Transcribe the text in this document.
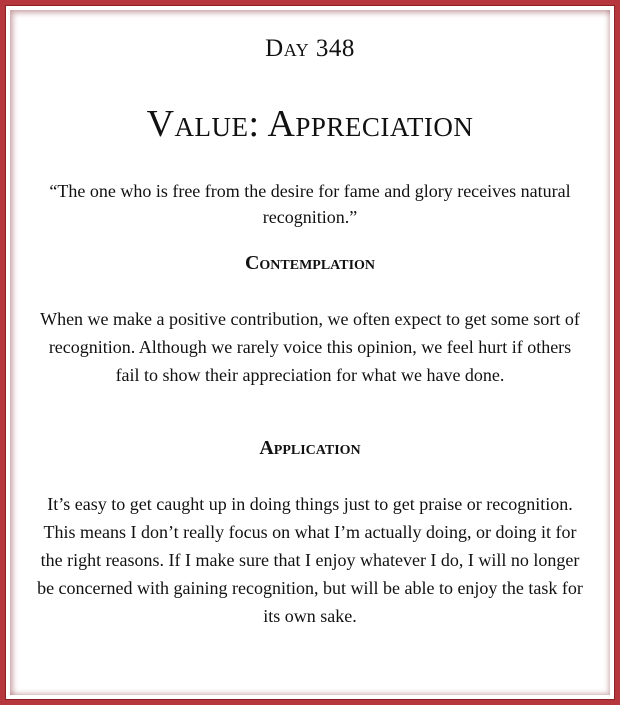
Day 348
Value: Appreciation
“The one who is free from the desire for fame and glory receives natural recognition.”
Contemplation
When we make a positive contribution, we often expect to get some sort of recognition. Although we rarely voice this opinion, we feel hurt if others fail to show their appreciation for what we have done.
Application
It’s easy to get caught up in doing things just to get praise or recognition. This means I don’t really focus on what I’m actually doing, or doing it for the right reasons. If I make sure that I enjoy whatever I do, I will no longer be concerned with gaining recognition, but will be able to enjoy the task for its own sake.
